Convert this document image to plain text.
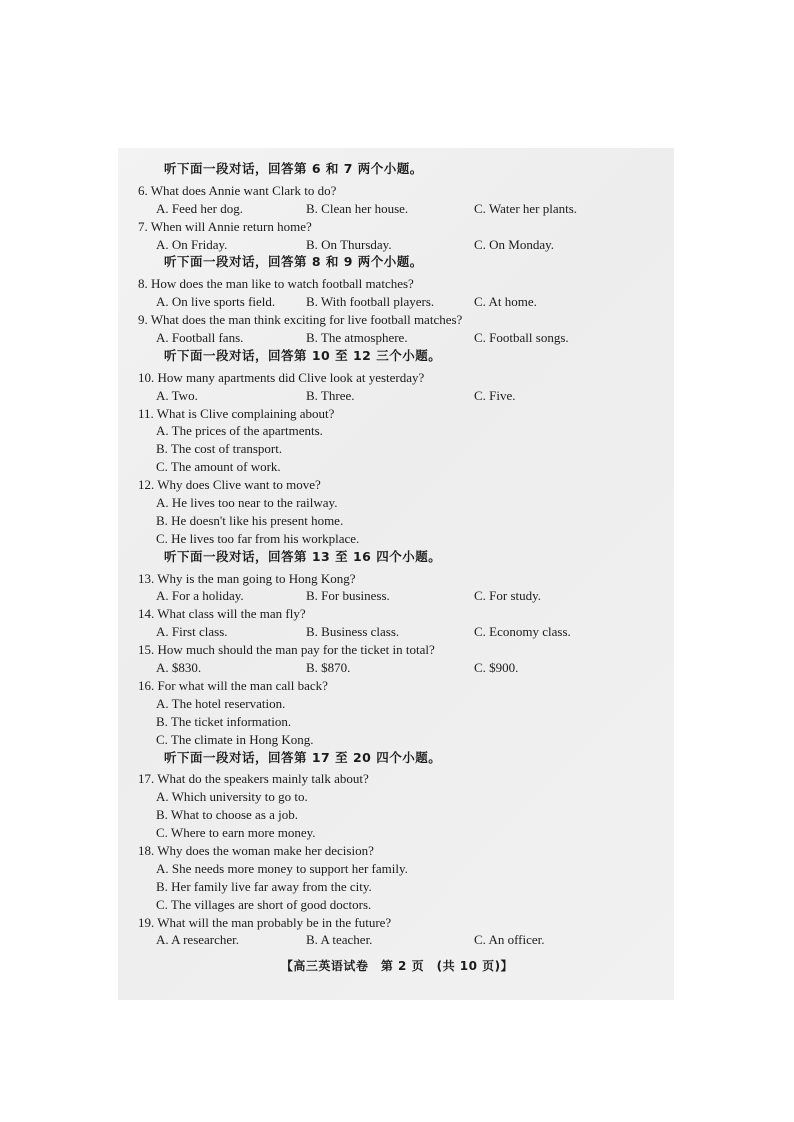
听下面一段对话，回答第 6 和 7 两个小题。
6. What does Annie want Clark to do?
A. Feed her dog.	B. Clean her house.	C. Water her plants.
7. When will Annie return home?
A. On Friday.	B. On Thursday.	C. On Monday.
听下面一段对话，回答第 8 和 9 两个小题。
8. How does the man like to watch football matches?
A. On live sports field. B. With football players.	C. At home.
9. What does the man think exciting for live football matches?
A. Football fans.	B. The atmosphere.	C. Football songs.
听下面一段对话，回答第 10 至 12 三个小题。
10. How many apartments did Clive look at yesterday?
A. Two.	B. Three.	C. Five.
11. What is Clive complaining about?
A. The prices of the apartments.
B. The cost of transport.
C. The amount of work.
12. Why does Clive want to move?
A. He lives too near to the railway.
B. He doesn't like his present home.
C. He lives too far from his workplace.
听下面一段对话，回答第 13 至 16 四个小题。
13. Why is the man going to Hong Kong?
A. For a holiday.	B. For business.	C. For study.
14. What class will the man fly?
A. First class.	B. Business class.	C. Economy class.
15. How much should the man pay for the ticket in total?
A. $830.	B. $870.	C. $900.
16. For what will the man call back?
A. The hotel reservation.
B. The ticket information.
C. The climate in Hong Kong.
听下面一段对话，回答第 17 至 20 四个小题。
17. What do the speakers mainly talk about?
A. Which university to go to.
B. What to choose as a job.
C. Where to earn more money.
18. Why does the woman make her decision?
A. She needs more money to support her family.
B. Her family live far away from the city.
C. The villages are short of good doctors.
19. What will the man probably be in the future?
A. A researcher.	B. A teacher.	C. An officer.
【高三英语试卷　第 2 页　(共 10 页)】
